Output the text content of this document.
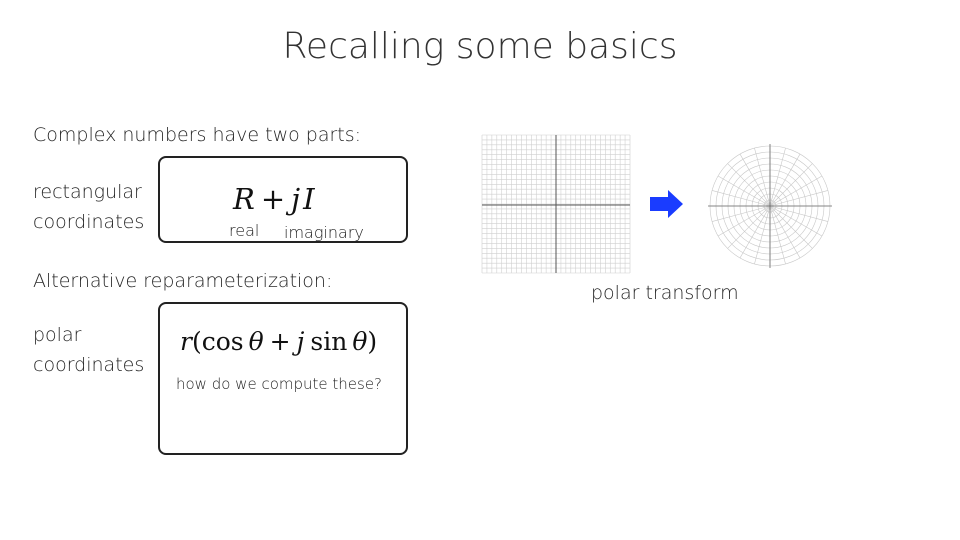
Recalling some basics
Complex numbers have two parts:
rectangular
coordinates
R + j I
real imaginary
Alternative reparameterization:
polar
coordinates
r(cos θ + j sin θ)
how do we compute these?
polar transform
